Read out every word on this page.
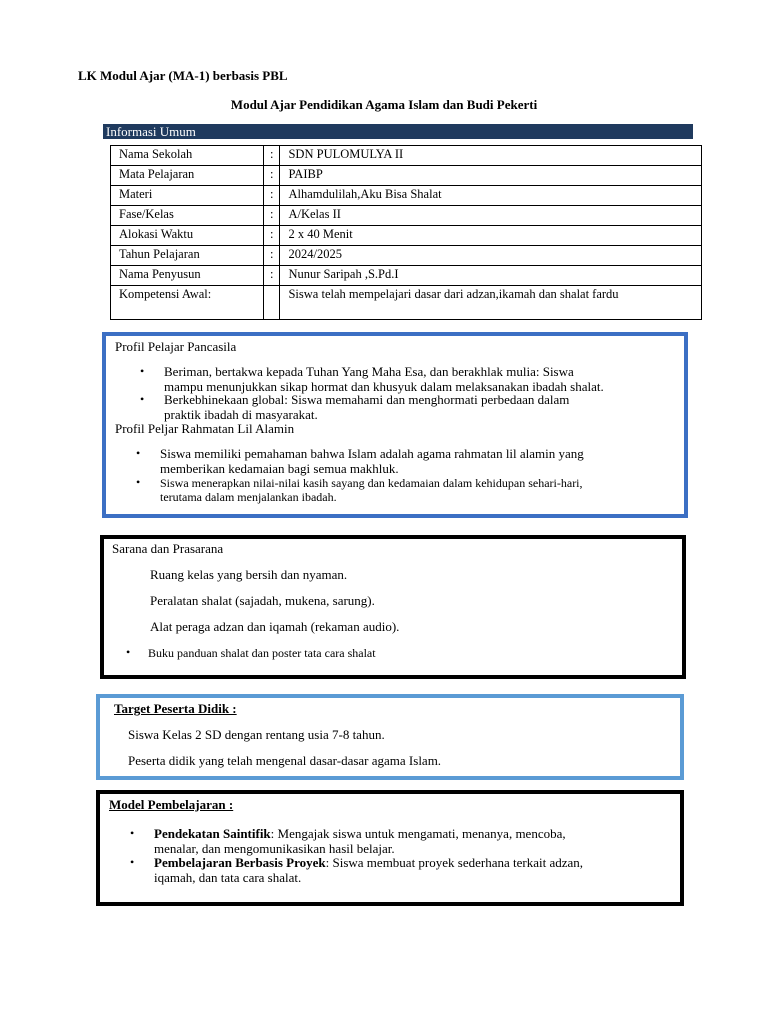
LK Modul Ajar (MA-1) berbasis PBL
Modul Ajar Pendidikan Agama Islam dan Budi Pekerti
Informasi Umum
Nama Sekolah	:	SDN PULOMULYA II
Mata Pelajaran	:	PAIBP
Materi	:	Alhamdulilah,Aku Bisa Shalat
Fase/Kelas	:	A/Kelas II
Alokasi Waktu	:	2 x 40 Menit
Tahun Pelajaran	:	2024/2025
Nama Penyusun	:	Nunur Saripah ,S.Pd.I
Kompetensi Awal:		Siswa telah mempelajari dasar dari adzan,ikamah dan shalat fardu
Profil Pelajar Pancasila
• Beriman, bertakwa kepada Tuhan Yang Maha Esa, dan berakhlak mulia: Siswa
mampu menunjukkan sikap hormat dan khusyuk dalam melaksanakan ibadah shalat.
• Berkebhinekaan global: Siswa memahami dan menghormati perbedaan dalam
praktik ibadah di masyarakat.
Profil Peljar Rahmatan Lil Alamin
• Siswa memiliki pemahaman bahwa Islam adalah agama rahmatan lil alamin yang
memberikan kedamaian bagi semua makhluk.
• Siswa menerapkan nilai-nilai kasih sayang dan kedamaian dalam kehidupan sehari-hari,
terutama dalam menjalankan ibadah.
Sarana dan Prasarana
Ruang kelas yang bersih dan nyaman.
Peralatan shalat (sajadah, mukena, sarung).
Alat peraga adzan dan iqamah (rekaman audio).
• Buku panduan shalat dan poster tata cara shalat
Target Peserta Didik :
Siswa Kelas 2 SD dengan rentang usia 7-8 tahun.
Peserta didik yang telah mengenal dasar-dasar agama Islam.
Model Pembelajaran :
• Pendekatan Saintifik: Mengajak siswa untuk mengamati, menanya, mencoba,
menalar, dan mengomunikasikan hasil belajar.
• Pembelajaran Berbasis Proyek: Siswa membuat proyek sederhana terkait adzan,
iqamah, dan tata cara shalat.
